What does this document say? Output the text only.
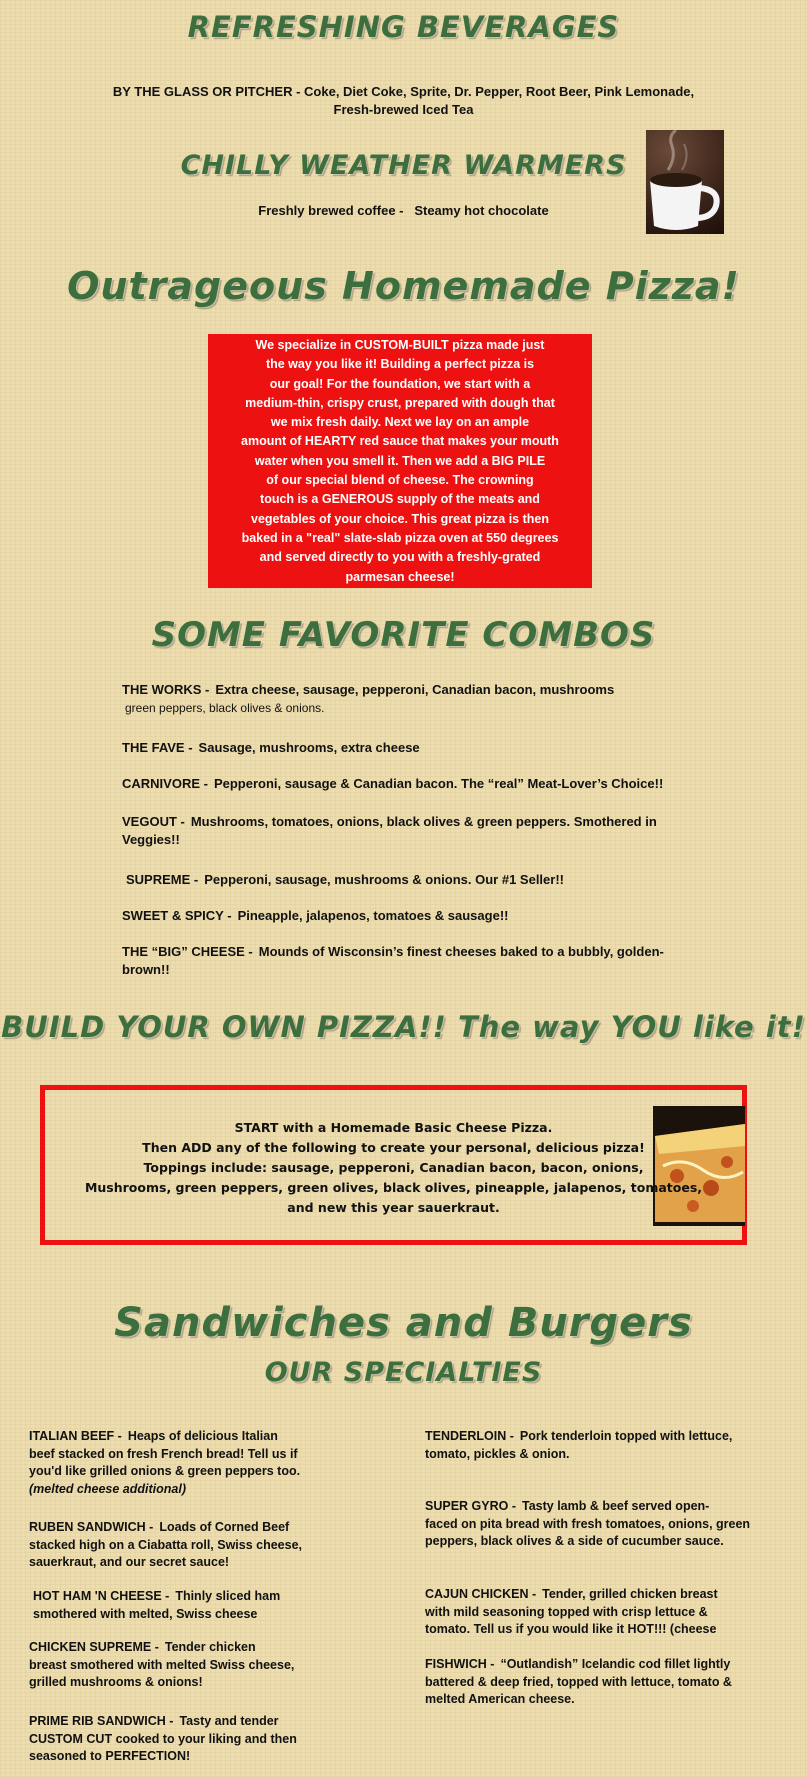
REFRESHING BEVERAGES
BY THE GLASS OR PITCHER - Coke, Diet Coke, Sprite, Dr. Pepper, Root Beer, Pink Lemonade,
Fresh-brewed Iced Tea
CHILLY WEATHER WARMERS
Freshly brewed coffee -   Steamy hot chocolate
Outrageous Homemade Pizza!
We specialize in CUSTOM-BUILT pizza made just
the way you like it! Building a perfect pizza is
our goal! For the foundation, we start with a
medium-thin, crispy crust, prepared with dough that
we mix fresh daily. Next we lay on an ample
amount of HEARTY red sauce that makes your mouth
water when you smell it. Then we add a BIG PILE
of our special blend of cheese. The crowning
touch is a GENEROUS supply of the meats and
vegetables of your choice. This great pizza is then
baked in a "real" slate-slab pizza oven at 550 degrees
and served directly to you with a freshly-grated
parmesan cheese!
SOME FAVORITE COMBOS
THE WORKS - Extra cheese, sausage, pepperoni, Canadian bacon, mushrooms
green peppers, black olives & onions.
THE FAVE - Sausage, mushrooms, extra cheese
CARNIVORE - Pepperoni, sausage & Canadian bacon. The “real” Meat-Lover’s Choice!!
VEGOUT - Mushrooms, tomatoes, onions, black olives & green peppers. Smothered in
Veggies!!
SUPREME - Pepperoni, sausage, mushrooms & onions. Our #1 Seller!!
SWEET & SPICY - Pineapple, jalapenos, tomatoes & sausage!!
THE “BIG” CHEESE - Mounds of Wisconsin’s finest cheeses baked to a bubbly, golden-
brown!!
BUILD YOUR OWN PIZZA!! The way YOU like it!
START with a Homemade Basic Cheese Pizza.
Then ADD any of the following to create your personal, delicious pizza!
Toppings include: sausage, pepperoni, Canadian bacon, bacon, onions,
Mushrooms, green peppers, green olives, black olives, pineapple, jalapenos, tomatoes,
and new this year sauerkraut.
Sandwiches and Burgers
OUR SPECIALTIES
ITALIAN BEEF - Heaps of delicious Italian
beef stacked on fresh French bread! Tell us if
you'd like grilled onions & green peppers too.
(melted cheese additional)
RUBEN SANDWICH - Loads of Corned Beef
stacked high on a Ciabatta roll, Swiss cheese,
sauerkraut, and our secret sauce!
HOT HAM 'N CHEESE - Thinly sliced ham
smothered with melted, Swiss cheese
CHICKEN SUPREME - Tender chicken
breast smothered with melted Swiss cheese,
grilled mushrooms & onions!
PRIME RIB SANDWICH - Tasty and tender
CUSTOM CUT cooked to your liking and then
seasoned to PERFECTION!
TENDERLOIN - Pork tenderloin topped with lettuce,
tomato, pickles & onion.
SUPER GYRO - Tasty lamb & beef served open-
faced on pita bread with fresh tomatoes, onions, green
peppers, black olives & a side of cucumber sauce.
CAJUN CHICKEN - Tender, grilled chicken breast
with mild seasoning topped with crisp lettuce &
tomato. Tell us if you would like it HOT!!! (cheese
FISHWICH - “Outlandish” Icelandic cod fillet lightly
battered & deep fried, topped with lettuce, tomato &
melted American cheese.
